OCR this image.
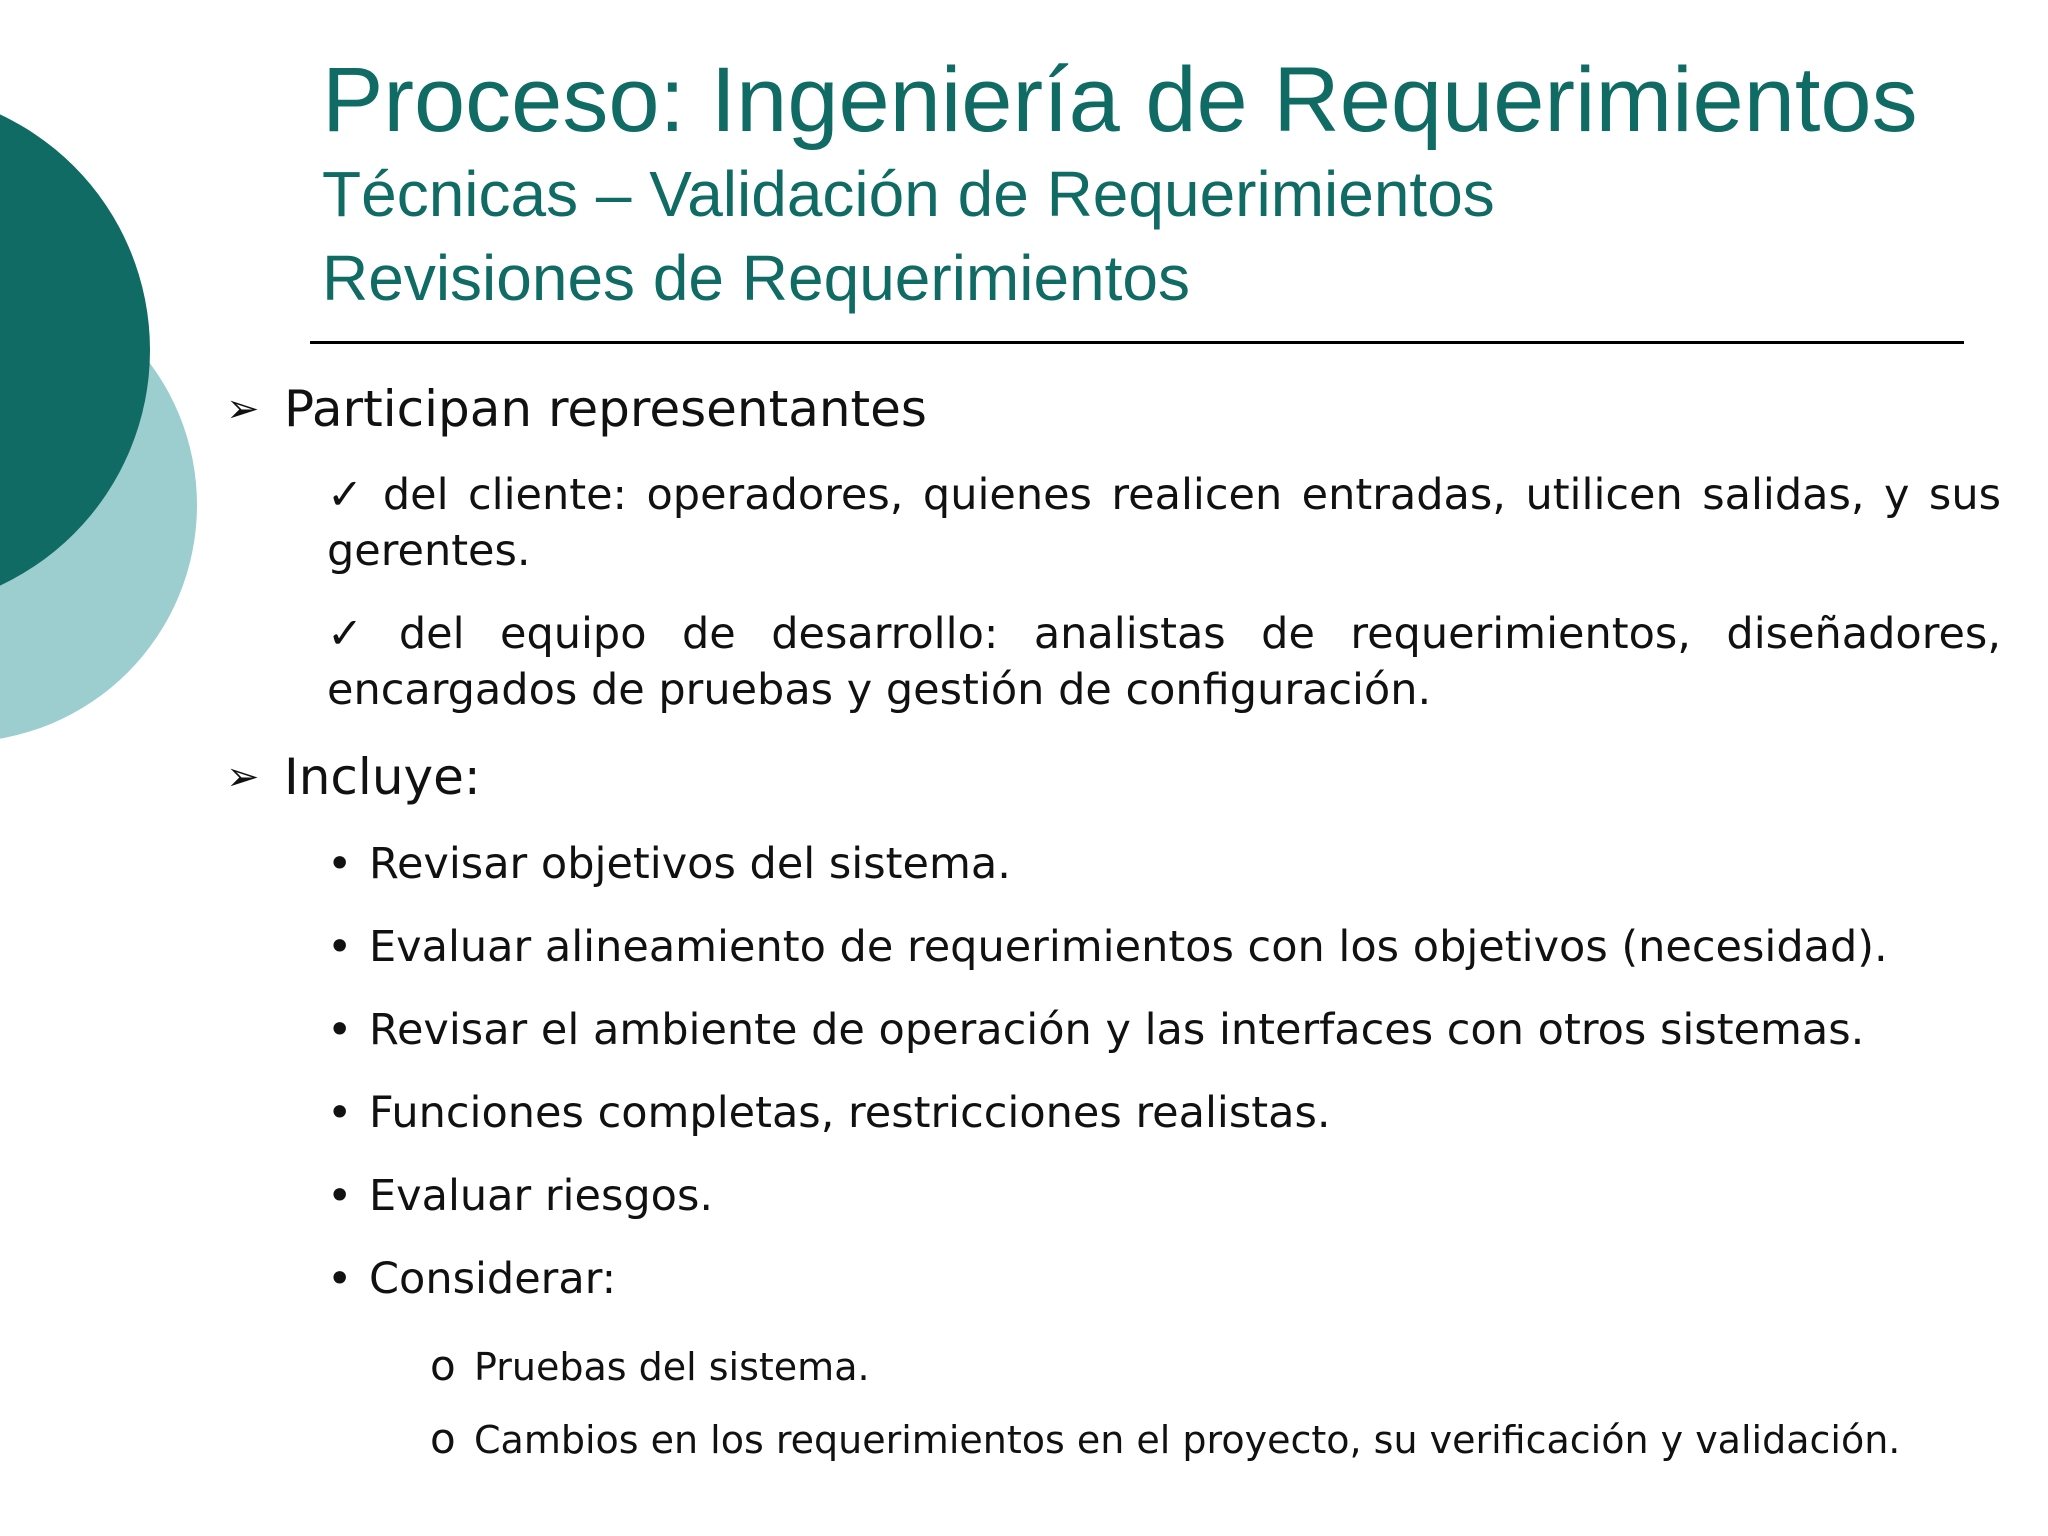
Proceso: Ingeniería de Requerimientos
Técnicas – Validación de Requerimientos
Revisiones de Requerimientos
➢ Participan representantes
✓ del cliente: operadores, quienes realicen entradas, utilicen salidas, y sus gerentes.
✓ del equipo de desarrollo: analistas de requerimientos, diseñadores, encargados de pruebas y gestión de configuración.
➢ Incluye:
• Revisar objetivos del sistema.
• Evaluar alineamiento de requerimientos con los objetivos (necesidad).
• Revisar el ambiente de operación y las interfaces con otros sistemas.
• Funciones completas, restricciones realistas.
• Evaluar riesgos.
• Considerar:
o Pruebas del sistema.
o Cambios en los requerimientos en el proyecto, su verificación y validación.
